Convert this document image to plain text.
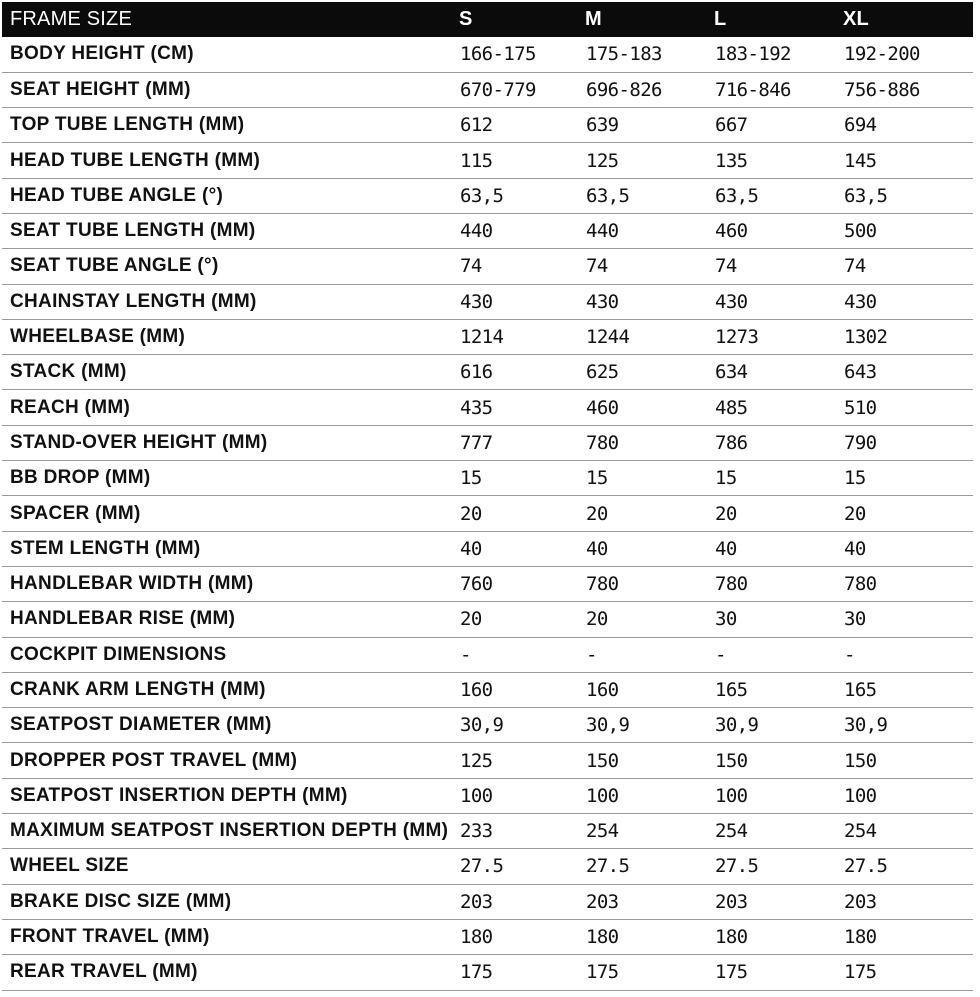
FRAME SIZE	S	M	L	XL
BODY HEIGHT (CM)	166-175	175-183	183-192	192-200
SEAT HEIGHT (MM)	670-779	696-826	716-846	756-886
TOP TUBE LENGTH (MM)	612	639	667	694
HEAD TUBE LENGTH (MM)	115	125	135	145
HEAD TUBE ANGLE (°)	63,5	63,5	63,5	63,5
SEAT TUBE LENGTH (MM)	440	440	460	500
SEAT TUBE ANGLE (°)	74	74	74	74
CHAINSTAY LENGTH (MM)	430	430	430	430
WHEELBASE (MM)	1214	1244	1273	1302
STACK (MM)	616	625	634	643
REACH (MM)	435	460	485	510
STAND-OVER HEIGHT (MM)	777	780	786	790
BB DROP (MM)	15	15	15	15
SPACER (MM)	20	20	20	20
STEM LENGTH (MM)	40	40	40	40
HANDLEBAR WIDTH (MM)	760	780	780	780
HANDLEBAR RISE (MM)	20	20	30	30
COCKPIT DIMENSIONS	-	-	-	-
CRANK ARM LENGTH (MM)	160	160	165	165
SEATPOST DIAMETER (MM)	30,9	30,9	30,9	30,9
DROPPER POST TRAVEL (MM)	125	150	150	150
SEATPOST INSERTION DEPTH (MM)	100	100	100	100
MAXIMUM SEATPOST INSERTION DEPTH (MM)	233	254	254	254
WHEEL SIZE	27.5	27.5	27.5	27.5
BRAKE DISC SIZE (MM)	203	203	203	203
FRONT TRAVEL (MM)	180	180	180	180
REAR TRAVEL (MM)	175	175	175	175
